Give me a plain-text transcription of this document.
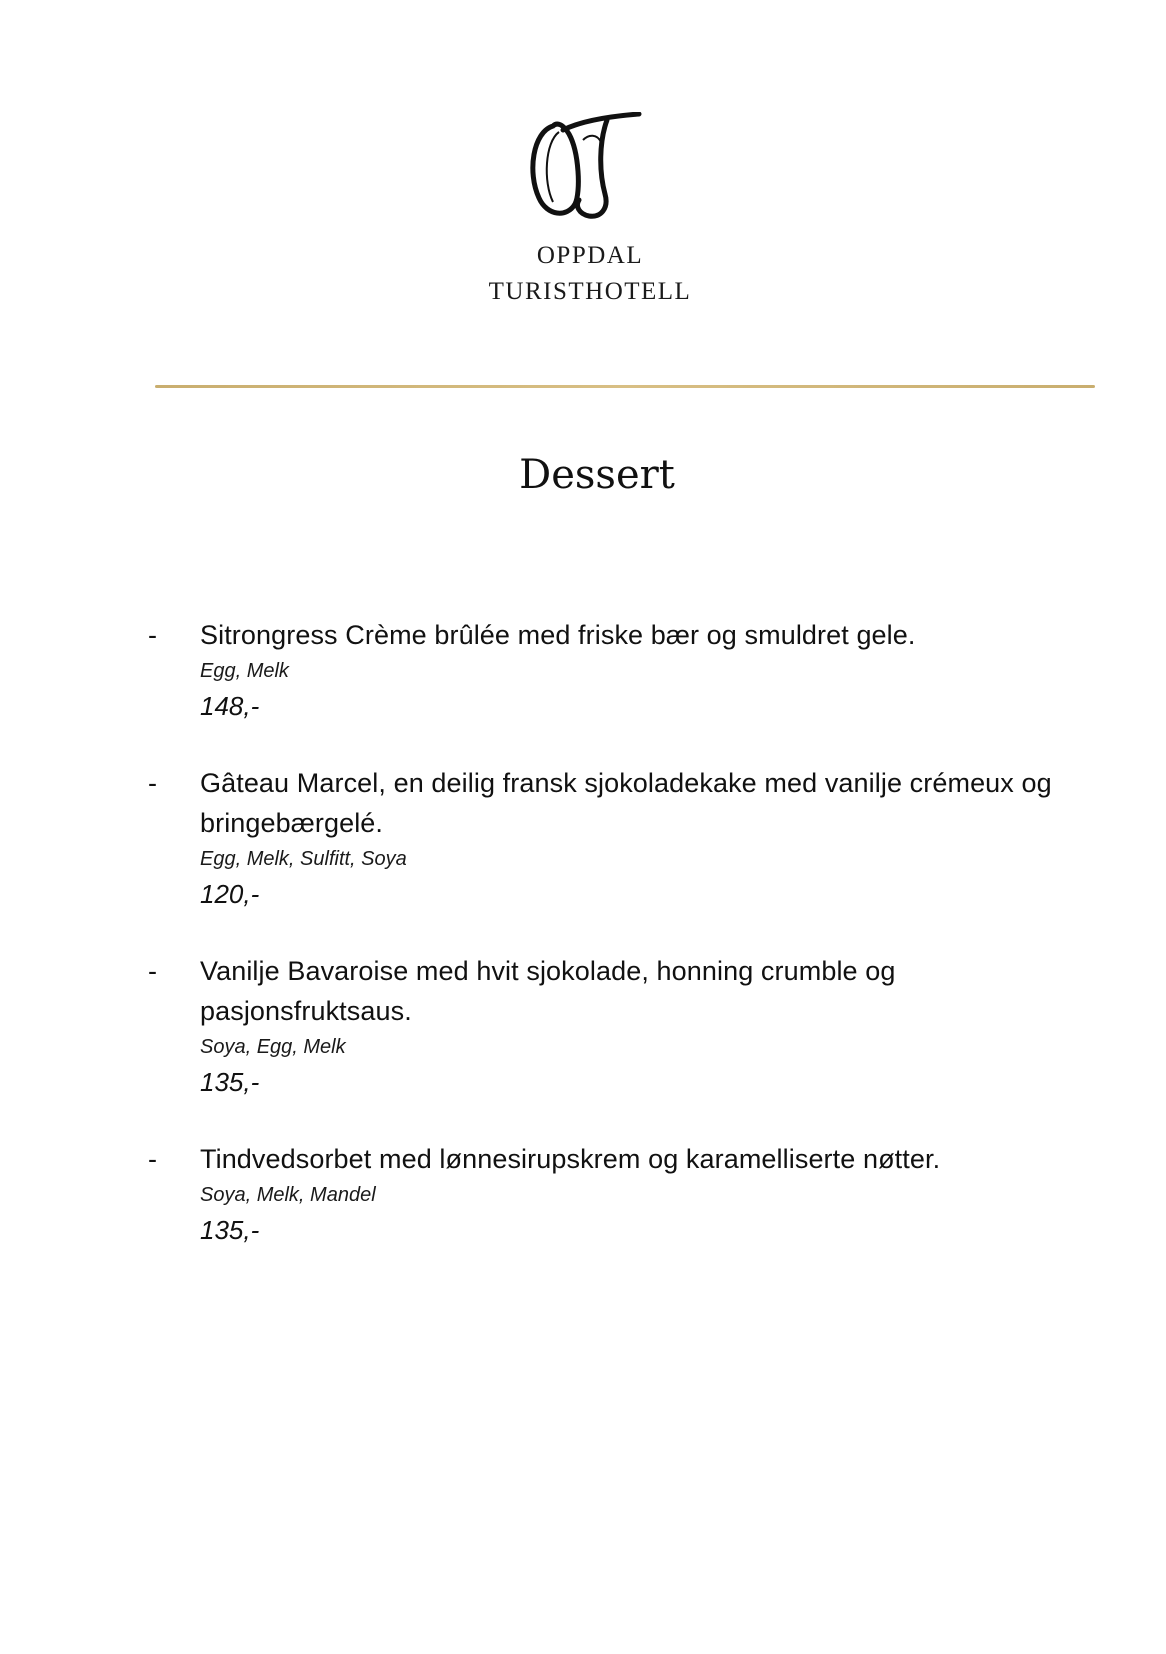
OPPDAL
TURISTHOTELL
Dessert
- Sitrongress Crème brûlée med friske bær og smuldret gele.
Egg, Melk
148,-
- Gâteau Marcel, en deilig fransk sjokoladekake med vanilje crémeux og bringebærgelé.
Egg, Melk, Sulfitt, Soya
120,-
- Vanilje Bavaroise med hvit sjokolade, honning crumble og pasjonsfruktsaus.
Soya, Egg, Melk
135,-
- Tindvedsorbet med lønnesirupskrem og karamelliserte nøtter.
Soya, Melk, Mandel
135,-
